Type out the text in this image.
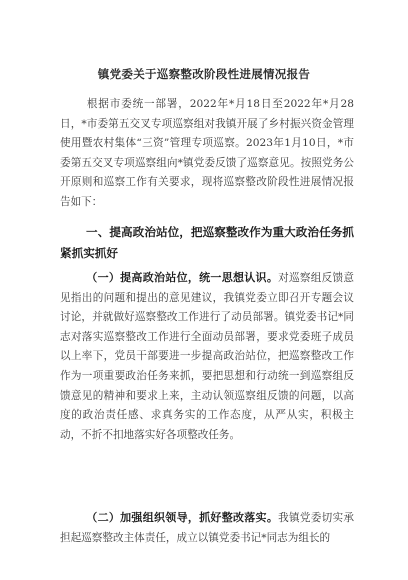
镇党委关于巡察整改阶段性进展情况报告

根据市委统一部署，2022年*月18日至2022年*月28日，*市委第五交叉专项巡察组对我镇开展了乡村振兴资金管理使用暨农村集体“三资”管理专项巡察。2023年1月10日，*市委第五交叉专项巡察组向*镇党委反馈了巡察意见。按照党务公开原则和巡察工作有关要求，现将巡察整改阶段性进展情况报告如下：

一、提高政治站位，把巡察整改作为重大政治任务抓紧抓实抓好

（一）提高政治站位，统一思想认识。对巡察组反馈意见指出的问题和提出的意见建议，我镇党委立即召开专题会议讨论，并就做好巡察整改工作进行了动员部署。镇党委书记*同志对落实巡察整改工作进行全面动员部署，要求党委班子成员以上率下，党员干部要进一步提高政治站位，把巡察整改工作作为一项重要政治任务来抓，要把思想和行动统一到巡察组反馈意见的精神和要求上来，主动认领巡察组反馈的问题，以高度的政治责任感、求真务实的工作态度，从严从实，积极主动，不折不扣地落实好各项整改任务。

（二）加强组织领导，抓好整改落实。我镇党委切实承担起巡察整改主体责任，成立以镇党委书记*同志为组长的
